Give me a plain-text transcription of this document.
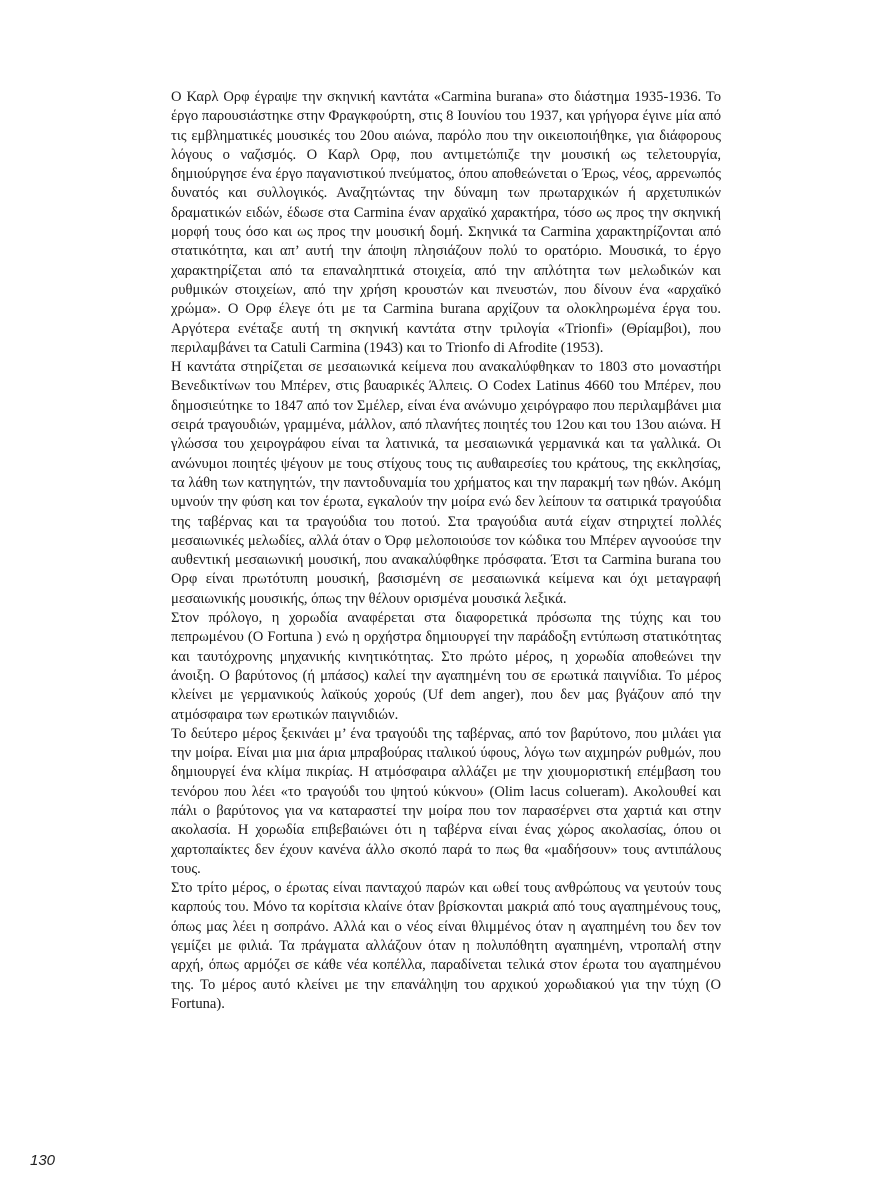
Ο Καρλ Ορφ έγραψε την σκηνική καντάτα «Carmina burana» στο διάστημα 1935-1936. Το έργο παρουσιάστηκε στην Φραγκφούρτη, στις 8 Ιουνίου του 1937, και γρήγορα έγινε μία από τις εμβληματικές μουσικές του 20ου αιώνα, παρόλο που την οικειοποιήθηκε, για διάφορους λόγους ο ναζισμός. Ο Καρλ Ορφ, που αντιμετώπιζε την μουσική ως τελετουργία, δημιούργησε ένα έργο παγανιστικού πνεύματος, όπου αποθεώνεται ο Έρως, νέος, αρρενωπός δυνατός και συλλογικός. Αναζητώντας την δύναμη των πρωταρχικών ή αρχετυπικών δραματικών ειδών, έδωσε στα Carmina έναν αρχαϊκό χαρακτήρα, τόσο ως προς την σκηνική μορφή τους όσο και ως προς την μουσική δομή. Σκηνικά τα Carmina χαρακτηρίζονται από στατικότητα, και απ’ αυτή την άποψη πλησιάζουν πολύ το ορατόριο. Μουσικά, το έργο χαρακτηρίζεται από τα επαναληπτικά στοιχεία, από την απλότητα των μελωδικών και ρυθμικών στοιχείων, από την χρήση κρουστών και πνευστών, που δίνουν ένα «αρχαϊκό χρώμα». Ο Ορφ έλεγε ότι με τα Carmina burana αρχίζουν τα ολοκληρωμένα έργα του. Αργότερα ενέταξε αυτή τη σκηνική καντάτα στην τριλογία «Trionfi» (Θρίαμβοι), που περιλαμβάνει τα Catuli Carmina (1943) και το Trionfo di Afrodite (1953).

Η καντάτα στηρίζεται σε μεσαιωνικά κείμενα που ανακαλύφθηκαν το 1803 στο μοναστήρι Βενεδικτίνων του Μπέρεν, στις βαυαρικές Άλπεις. Ο Codex Latinus 4660 του Μπέρεν, που δημοσιεύτηκε το 1847 από τον Σμέλερ, είναι ένα ανώνυμο χειρόγραφο που περιλαμβάνει μια σειρά τραγουδιών, γραμμένα, μάλλον, από πλανήτες ποιητές του 12ου και του 13ου αιώνα. Η γλώσσα του χειρογράφου είναι τα λατινικά, τα μεσαιωνικά γερμανικά και τα γαλλικά. Οι ανώνυμοι ποιητές ψέγουν με τους στίχους τους τις αυθαιρεσίες του κράτους, της εκκλησίας, τα λάθη των κατηγητών, την παντοδυναμία του χρήματος και την παρακμή των ηθών. Ακόμη υμνούν την φύση και τον έρωτα, εγκαλούν την μοίρα ενώ δεν λείπουν τα σατιρικά τραγούδια της ταβέρνας και τα τραγούδια του ποτού. Στα τραγούδια αυτά είχαν στηριχτεί πολλές μεσαιωνικές μελωδίες, αλλά όταν ο Όρφ μελοποιούσε τον κώδικα του Μπέρεν αγνοούσε την αυθεντική μεσαιωνική μουσική, που ανακαλύφθηκε πρόσφατα. Έτσι τα Carmina burana του Ορφ είναι πρωτότυπη μουσική, βασισμένη σε μεσαιωνικά κείμενα και όχι μεταγραφή μεσαιωνικής μουσικής, όπως την θέλουν ορισμένα μουσικά λεξικά.

Στον πρόλογο, η χορωδία αναφέρεται στα διαφορετικά πρόσωπα της τύχης και του πεπρωμένου (Ο Fortuna ) ενώ η ορχήστρα δημιουργεί την παράδοξη εντύπωση στατικότητας και ταυτόχρονης μηχανικής κινητικότητας. Στο πρώτο μέρος, η χορωδία αποθεώνει την άνοιξη. Ο βαρύτονος (ή μπάσος) καλεί την αγαπημένη του σε ερωτικά παιγνίδια. Το μέρος κλείνει με γερμανικούς λαϊκούς χορούς (Uf dem anger), που δεν μας βγάζουν από την ατμόσφαιρα των ερωτικών παιγνιδιών.

Το δεύτερο μέρος ξεκινάει μ’ ένα τραγούδι της ταβέρνας, από τον βαρύτονο, που μιλάει για την μοίρα. Είναι μια μια άρια μπραβούρας ιταλικού ύφους, λόγω των αιχμηρών ρυθμών, που δημιουργεί ένα κλίμα πικρίας. Η ατμόσφαιρα αλλάζει με την χιουμοριστική επέμβαση του τενόρου που λέει «το τραγούδι του ψητού κύκνου» (Olim lacus colueram). Ακολουθεί και πάλι ο βαρύτονος για να καταραστεί την μοίρα που τον παρασέρνει στα χαρτιά και στην ακολασία. Η χορωδία επιβεβαιώνει ότι η ταβέρνα είναι ένας χώρος ακολασίας, όπου οι χαρτοπαίκτες δεν έχουν κανένα άλλο σκοπό παρά το πως θα «μαδήσουν» τους αντιπάλους τους.

Στο τρίτο μέρος, ο έρωτας είναι πανταχού παρών και ωθεί τους ανθρώπους να γευτούν τους καρπούς του. Μόνο τα κορίτσια κλαίνε όταν βρίσκονται μακριά από τους αγαπημένους τους, όπως μας λέει η σοπράνο. Αλλά και ο νέος είναι θλιμμένος όταν η αγαπημένη του δεν τον γεμίζει με φιλιά. Τα πράγματα αλλάζουν όταν η πολυπόθητη αγαπημένη, ντροπαλή στην αρχή, όπως αρμόζει σε κάθε νέα κοπέλλα, παραδίνεται τελικά στον έρωτα του αγαπημένου της. Το μέρος αυτό κλείνει με την επανάληψη του αρχικού χορωδιακού για την τύχη (Ο Fortuna).

130
